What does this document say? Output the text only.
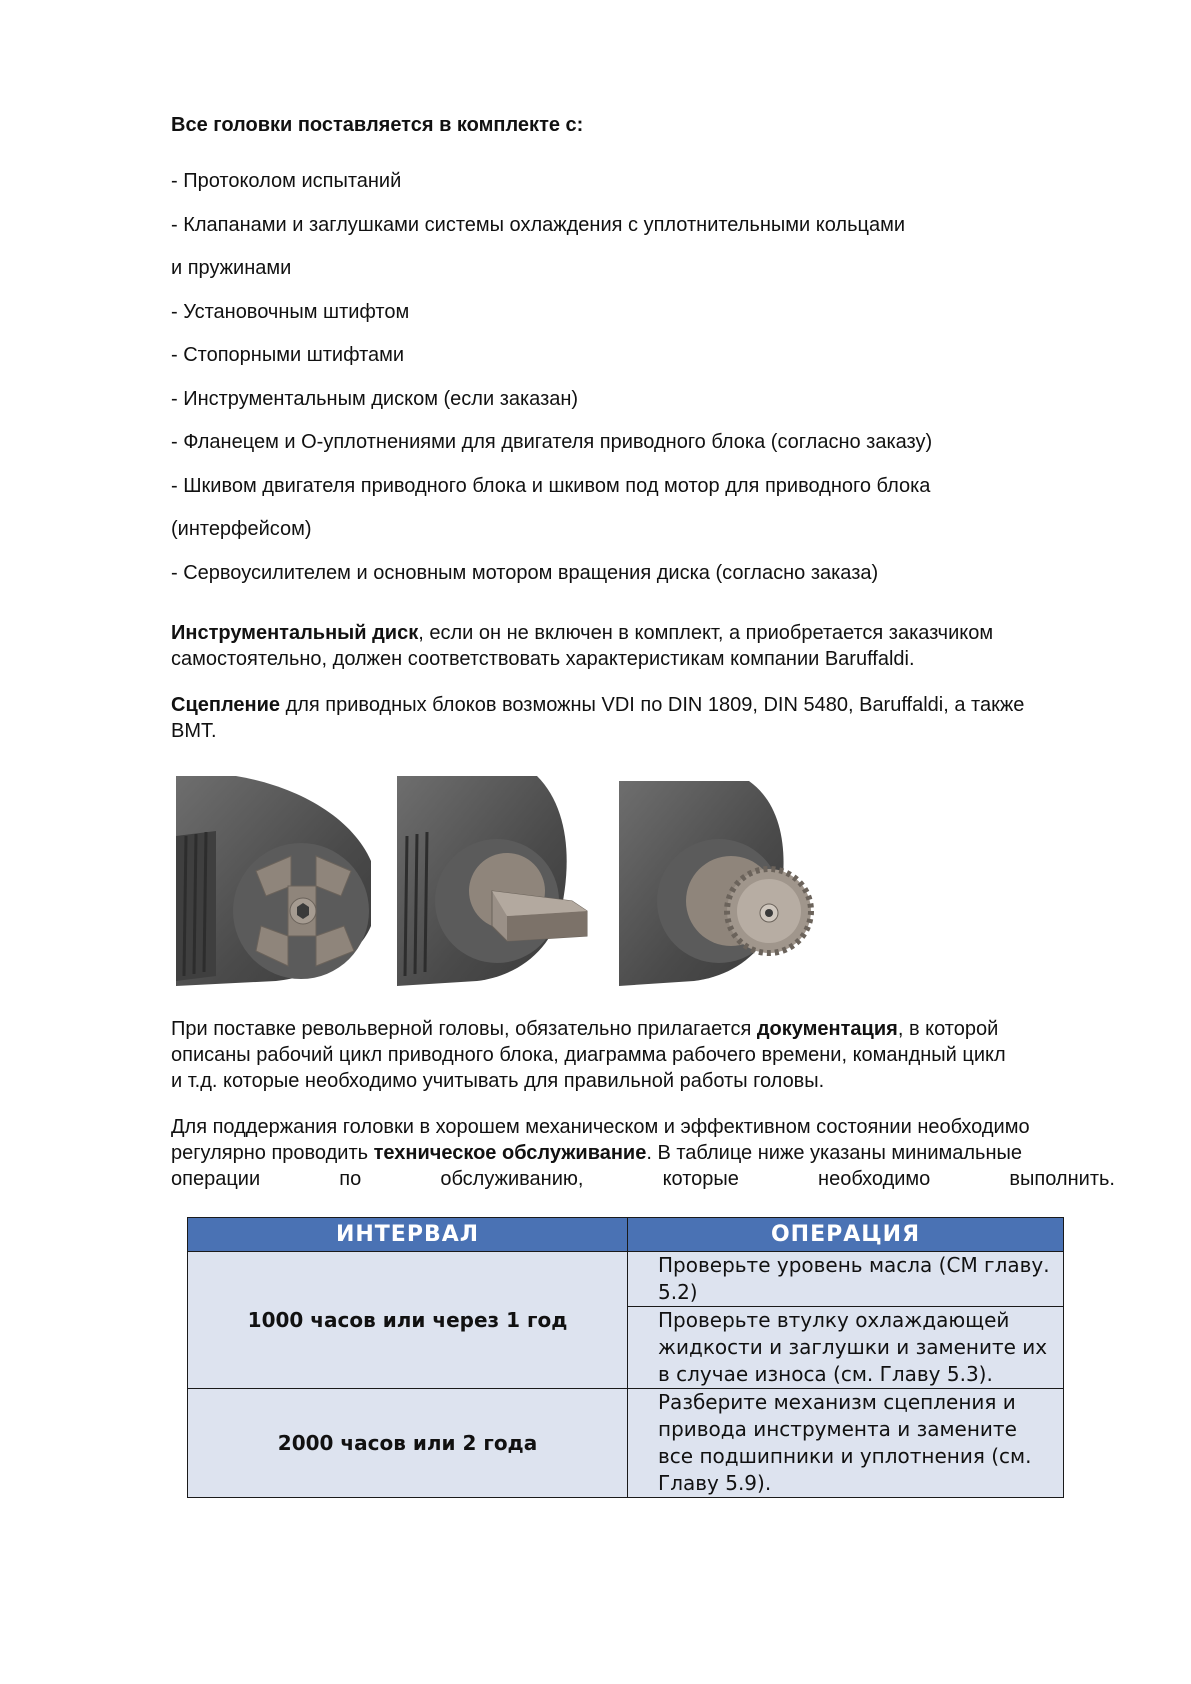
Все головки поставляется в комплекте с:
- Протоколом испытаний
- Клапанами и заглушками системы охлаждения с уплотнительными кольцами
и пружинами
- Установочным штифтом
- Стопорными штифтами
- Инструментальным диском (если заказан)
- Фланецем и О-уплотнениями для двигателя приводного блока (согласно заказу)
- Шкивом двигателя приводного блока и шкивом под мотор для приводного блока
(интерфейсом)
- Сервоусилителем и основным мотором вращения диска (согласно заказа)

Инструментальный диск, если он не включен в комплект, а приобретается заказчиком
самостоятельно, должен соответствовать характеристикам компании Baruffaldi.

Сцепление для приводных блоков возможны VDI по DIN 1809, DIN 5480, Baruffaldi, а также
BMT.

При поставке револьверной головы, обязательно прилагается документация, в которой
описаны рабочий цикл приводного блока, диаграмма рабочего времени, командный цикл
и т.д. которые необходимо учитывать для правильной работы головы.

Для поддержания головки в хорошем механическом и эффективном состоянии необходимо
регулярно проводить техническое обслуживание. В таблице ниже указаны минимальные
операции	по	обслуживанию,	которые	необходимо	выполнить.
ИНТЕРВАЛ	ОПЕРАЦИЯ
1000 часов или через 1 год	Проверьте уровень масла (СМ главу. 5.2)
	Проверьте втулку охлаждающей жидкости и заглушки и замените их в случае износа (см. Главу 5.3).
2000 часов или 2 года	Разберите механизм сцепления и привода инструмента и замените все подшипники и уплотнения (см. Главу 5.9).
